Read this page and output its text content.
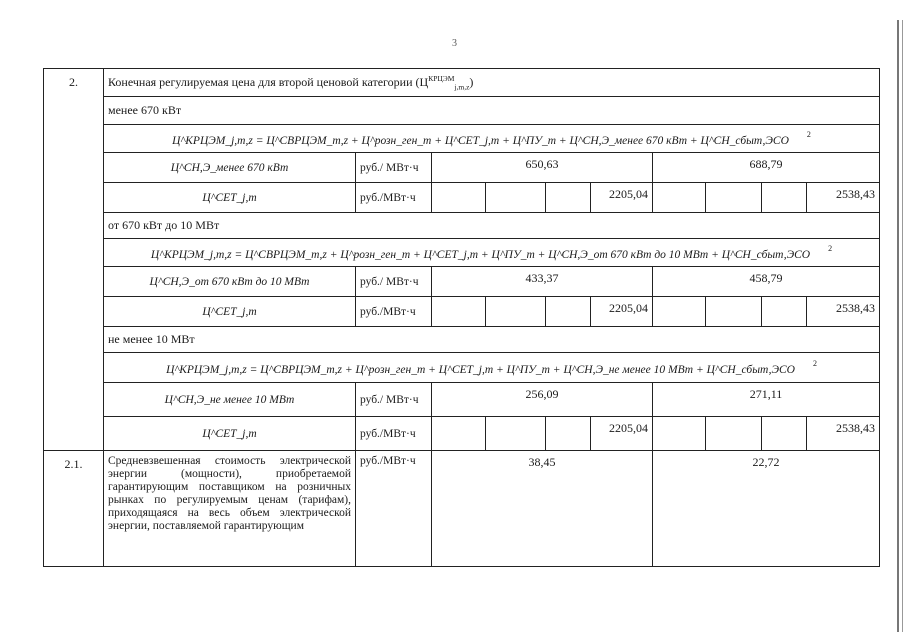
3
2.	Конечная регулируемая цена для второй ценовой категории $(Ц^{КРЦЭМ}_{j,m,z})$									
	менее 670 кВт									
	Ц^КРЦЭМ_j,m,z = Ц^СВРЦЭМ_m,z + Ц^розн_ген_m + Ц^СЕТ_j,m + Ц^ПУ_m + Ц^СН,Э_менее 670 кВт + $Ц\^{}СН\_сбыт,ЭСО^2$
	Ц^СН,Э_менее 670 кВт	руб./ МВт·ч	650,63				688,79			
	Ц^СЕТ_j,m	руб./МВт·ч				2205,04				2538,43
	от 670 кВт до 10 МВт									
	Ц^КРЦЭМ_j,m,z = Ц^СВРЦЭМ_m,z + Ц^розн_ген_m + Ц^СЕТ_j,m + Ц^ПУ_m + Ц^СН,Э_от 670 кВт до 10 МВт + $Ц\^{}СН\_сбыт,ЭСО^2$
	Ц^СН,Э_от 670 кВт до 10 МВт	руб./ МВт·ч	433,37				458,79			
	Ц^СЕТ_j,m	руб./МВт·ч				2205,04				2538,43
	не менее 10 МВт									
	Ц^КРЦЭМ_j,m,z = Ц^СВРЦЭМ_m,z + Ц^розн_ген_m + Ц^СЕТ_j,m + Ц^ПУ_m + Ц^СН,Э_не менее 10 МВт + $Ц\^{}СН\_сбыт,ЭСО^2$
	Ц^СН,Э_не менее 10 МВт	руб./ МВт·ч	256,09				271,11			
	Ц^СЕТ_j,m	руб./МВт·ч				2205,04				2538,43
2.1.	Средневзвешенная стоимость электрической энергии (мощности), приобретаемой гарантирующим поставщиком на розничных рынках по регулируемым ценам (тарифам), приходящаяся на весь объем электрической энергии, поставляемой гарантирующим	руб./МВт·ч	38,45				22,72			
